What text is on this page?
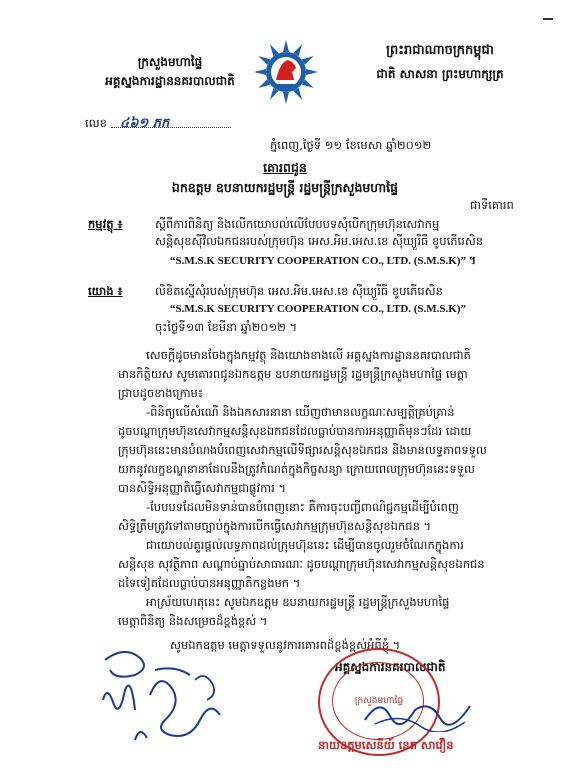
ក្រសួងមហាផ្ទៃ
អគ្គស្នងការដ្ឋាននគរបាលជាតិ
លេខ ៤៦១ ភក
ព្រះរាជាណាចក្រកម្ពុជា
ជាតិ សាសនា ព្រះមហាក្សត្រ
ភ្នំពេញ,ថ្ងៃទី ១១ ខែមេសា ឆ្នាំ២០១២
គោរពជូន
ឯកឧត្តម ឧបនាយករដ្ឋមន្ត្រី រដ្ឋមន្ត្រីក្រសួងមហាផ្ទៃ
ជាទីគោរព
កម្មវត្ថុ ៖	ស្តីពីការពិនិត្យ និងលើកយោបល់លើបែបបទសុំបើកក្រុមហ៊ុនសេវាកម្ម
សន្តិសុខស៊ីវិលឯកជនរបស់ក្រុមហ៊ុន អេស.អិម.អេស.ខេ ស៊ីឃ្យួរីធី ខូបភើរេសិន
“S.M.S.K SECURITY COOPERATION CO., LTD. (S.M.S.K)” ។
យោង ៖	លិខិតស្នើសុំរបស់ក្រុមហ៊ុន អេស.អិម.អេស.ខេ ស៊ីឃ្យួរីធី ខូបភើរេសិន
“S.M.S.K SECURITY COOPERATION CO., LTD. (S.M.S.K)”
ចុះថ្ងៃទី១៣ ខែមីនា ឆ្នាំ២០១២ ។
សេចក្តីដូចមានចែងក្នុងកម្មវត្ថុ និងយោងខាងលើ អគ្គស្នងការដ្ឋាននគរបាលជាតិ
មានកិត្តិយស សូមគោរពជូនឯកឧត្តម ឧបនាយករដ្ឋមន្ត្រី រដ្ឋមន្ត្រីក្រសួងមហាផ្ទៃ មេត្តា
ជ្រាបដូចខាងក្រោម៖
-ពិនិត្យលើសំណើ និងឯកសារនានា ឃើញថាមានលក្ខណៈសម្បត្តិគ្រប់គ្រាន់
ដូចបណ្តាក្រុមហ៊ុនសេវាកម្មសន្តិសុខឯកជនដែលធ្លាប់បានការអនុញ្ញាតិមុនៗដែរ ដោយ
ក្រុមហ៊ុននេះមានបំណងបំពេញសេវាកម្មលើទីផ្សារសន្តិសុខឯកជន និងមានលទ្ធភាពទទួល
យកនូវលក្ខខណ្ឌនានាដែលនឹងត្រូវកំណត់ក្នុងកិច្ចសន្យា ក្រោយពេលក្រុមហ៊ុននេះទទួល
បានសិទ្ធិអនុញ្ញាតិធ្វើសេវាកម្មជាផ្លូវការ ។
-បែបបទដែលមិនទាន់បានបំពេញនោះ គឺការចុះបញ្ជីពាណិជ្ជកម្មដើម្បីបំពេញ
សិទ្ធិត្រឹមត្រូវទៅតាមច្បាប់ក្នុងការបើកធ្វើសេវាកម្មក្រុមហ៊ុនសន្តិសុខឯកជន ។
ជាយោបល់គួរផ្តល់លទ្ធភាពដល់ក្រុមហ៊ុននេះ ដើម្បីបានចូលរួមចំណែកក្នុងការ
សន្តិសុខ សុវត្ថិភាព សណ្តាប់ធ្នាប់សាធារណៈ ដូចបណ្តាក្រុមហ៊ុនសេវាកម្មសន្តិសុខឯកជន
ដទៃទៀតដែលធ្លាប់បានអនុញ្ញាតិកន្លងមក ។
អាស្រ័យហេតុនេះ សូមឯកឧត្តម ឧបនាយករដ្ឋមន្ត្រី រដ្ឋមន្ត្រីក្រសួងមហាផ្ទៃ
មេត្តាពិនិត្យ និងសម្រេចដ៏ខ្ពង់ខ្ពស់ ។
សូមឯកឧត្តម មេត្តាទទួលនូវការគោរពដ៏ខ្ពង់ខ្ពស់អំពីខ្ញុំ ។
អគ្គស្នងការនគរបាលជាតិ
ក្រសួងមហាផ្ទៃ
នាយឧត្តមសេនីយ៍ នេត សាវឿន
